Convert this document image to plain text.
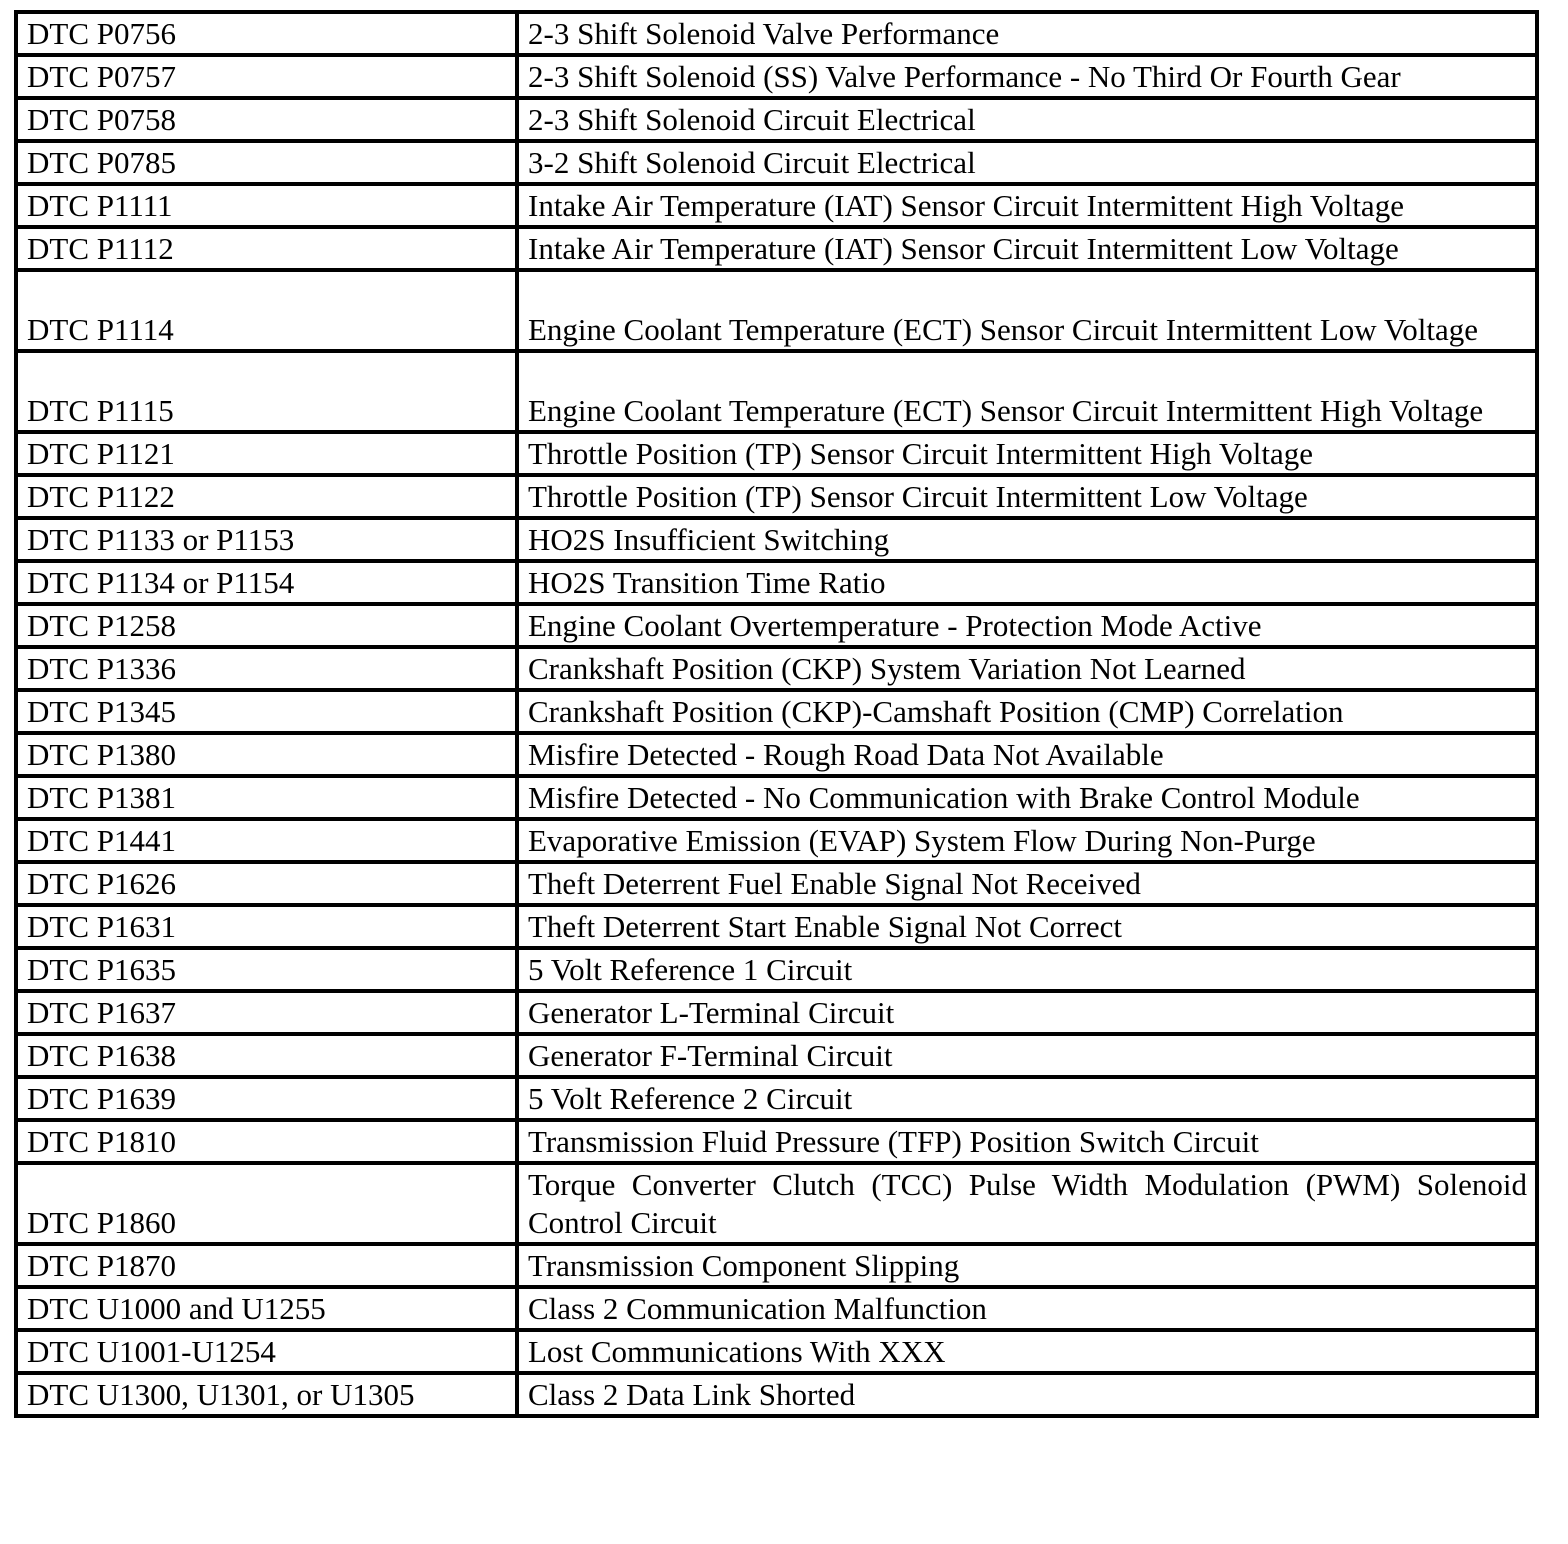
DTC P0756	2-3 Shift Solenoid Valve Performance
DTC P0757	2-3 Shift Solenoid (SS) Valve Performance - No Third Or Fourth Gear
DTC P0758	2-3 Shift Solenoid Circuit Electrical
DTC P0785	3-2 Shift Solenoid Circuit Electrical
DTC P1111	Intake Air Temperature (IAT) Sensor Circuit Intermittent High Voltage
DTC P1112	Intake Air Temperature (IAT) Sensor Circuit Intermittent Low Voltage
DTC P1114	Engine Coolant Temperature (ECT) Sensor Circuit Intermittent Low Voltage
DTC P1115	Engine Coolant Temperature (ECT) Sensor Circuit Intermittent High Voltage
DTC P1121	Throttle Position (TP) Sensor Circuit Intermittent High Voltage
DTC P1122	Throttle Position (TP) Sensor Circuit Intermittent Low Voltage
DTC P1133 or P1153	HO2S Insufficient Switching
DTC P1134 or P1154	HO2S Transition Time Ratio
DTC P1258	Engine Coolant Overtemperature - Protection Mode Active
DTC P1336	Crankshaft Position (CKP) System Variation Not Learned
DTC P1345	Crankshaft Position (CKP)-Camshaft Position (CMP) Correlation
DTC P1380	Misfire Detected - Rough Road Data Not Available
DTC P1381	Misfire Detected - No Communication with Brake Control Module
DTC P1441	Evaporative Emission (EVAP) System Flow During Non-Purge
DTC P1626	Theft Deterrent Fuel Enable Signal Not Received
DTC P1631	Theft Deterrent Start Enable Signal Not Correct
DTC P1635	5 Volt Reference 1 Circuit
DTC P1637	Generator L-Terminal Circuit
DTC P1638	Generator F-Terminal Circuit
DTC P1639	5 Volt Reference 2 Circuit
DTC P1810	Transmission Fluid Pressure (TFP) Position Switch Circuit
DTC P1860	Torque Converter Clutch (TCC) Pulse Width Modulation (PWM) Solenoid Control Circuit
DTC P1870	Transmission Component Slipping
DTC U1000 and U1255	Class 2 Communication Malfunction
DTC U1001-U1254	Lost Communications With XXX
DTC U1300, U1301, or U1305	Class 2 Data Link Shorted
